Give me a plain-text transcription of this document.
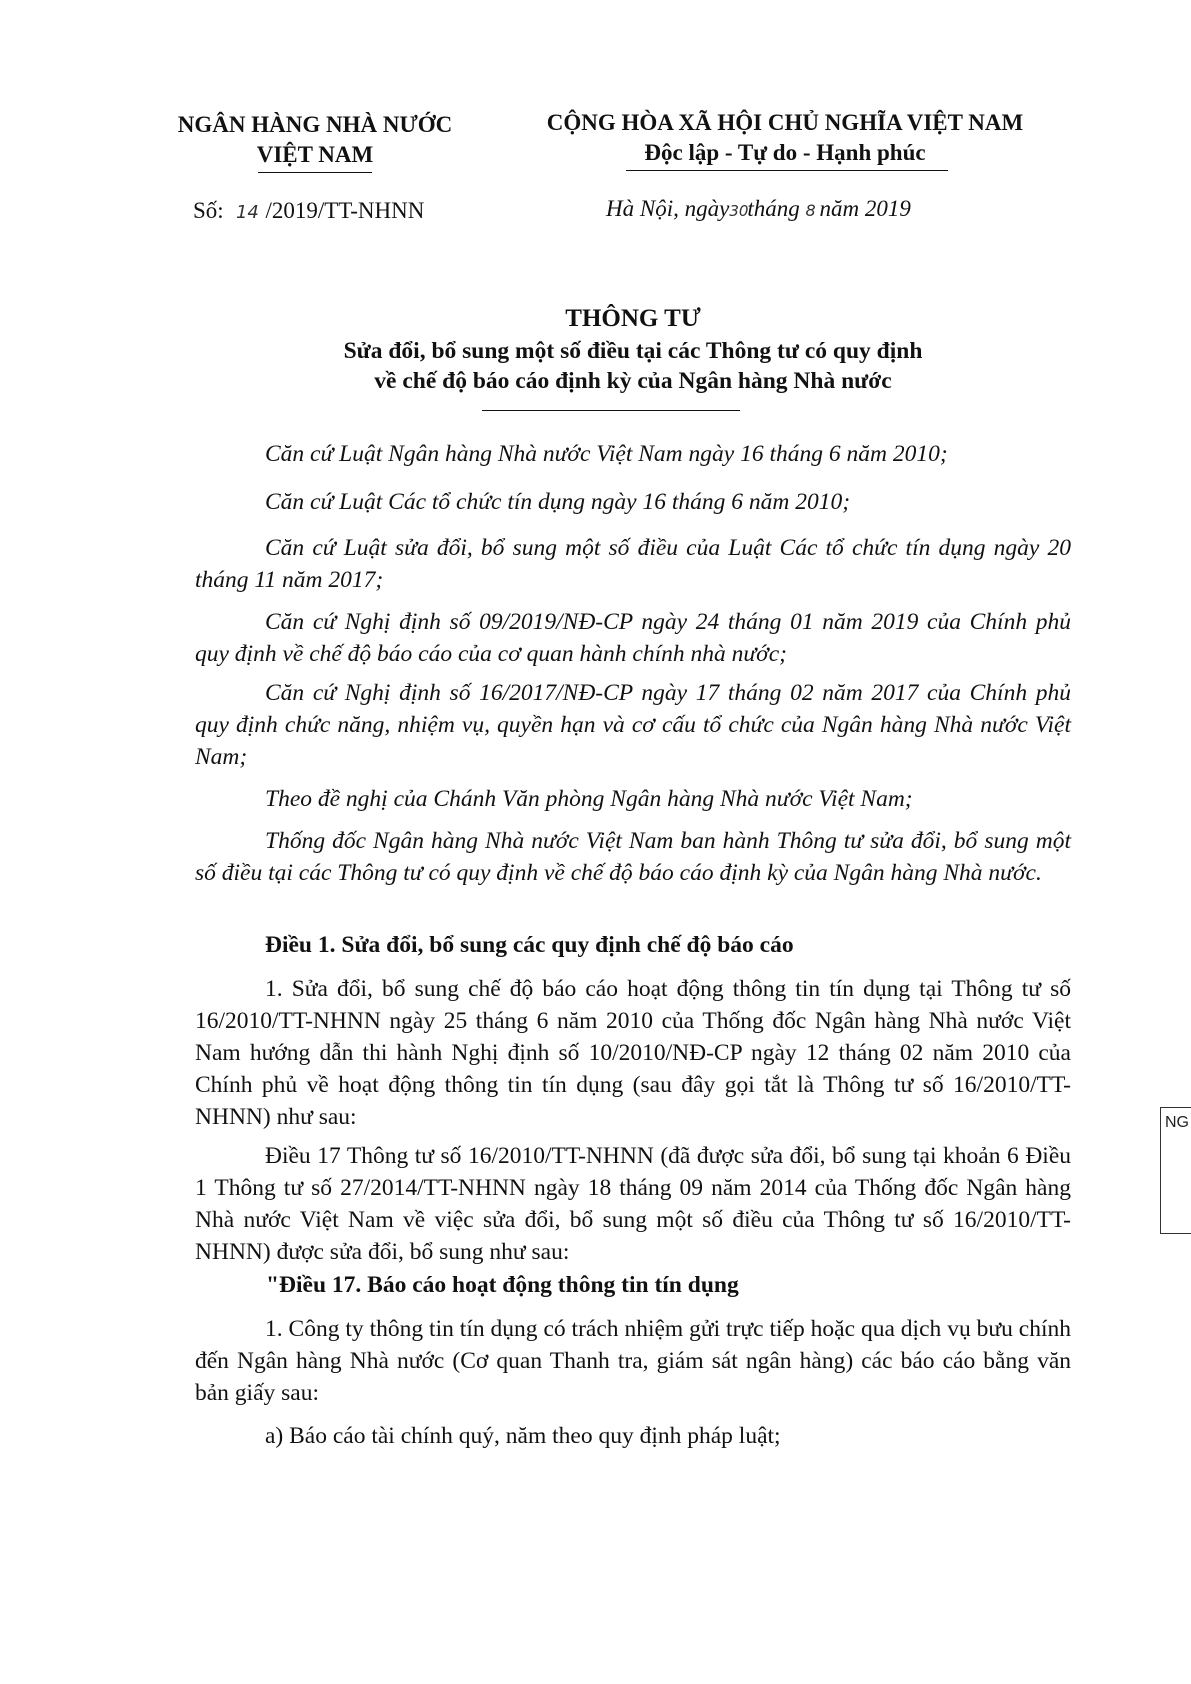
NGÂN HÀNG NHÀ NƯỚC
VIỆT NAM
CỘNG HÒA XÃ HỘI CHỦ NGHĨA VIỆT NAM
Độc lập - Tự do - Hạnh phúc
Số: 14 /2019/TT-NHNN	Hà Nội, ngày30tháng 8 năm 2019
THÔNG TƯ
Sửa đổi, bổ sung một số điều tại các Thông tư có quy định
về chế độ báo cáo định kỳ của Ngân hàng Nhà nước
Căn cứ Luật Ngân hàng Nhà nước Việt Nam ngày 16 tháng 6 năm 2010;
Căn cứ Luật Các tổ chức tín dụng ngày 16 tháng 6 năm 2010;
Căn cứ Luật sửa đổi, bổ sung một số điều của Luật Các tổ chức tín dụng ngày 20 tháng 11 năm 2017;
Căn cứ Nghị định số 09/2019/NĐ-CP ngày 24 tháng 01 năm 2019 của Chính phủ quy định về chế độ báo cáo của cơ quan hành chính nhà nước;
Căn cứ Nghị định số 16/2017/NĐ-CP ngày 17 tháng 02 năm 2017 của Chính phủ quy định chức năng, nhiệm vụ, quyền hạn và cơ cấu tổ chức của Ngân hàng Nhà nước Việt Nam;
Theo đề nghị của Chánh Văn phòng Ngân hàng Nhà nước Việt Nam;
Thống đốc Ngân hàng Nhà nước Việt Nam ban hành Thông tư sửa đổi, bổ sung một số điều tại các Thông tư có quy định về chế độ báo cáo định kỳ của Ngân hàng Nhà nước.
Điều 1. Sửa đổi, bổ sung các quy định chế độ báo cáo
1. Sửa đổi, bổ sung chế độ báo cáo hoạt động thông tin tín dụng tại Thông tư số 16/2010/TT-NHNN ngày 25 tháng 6 năm 2010 của Thống đốc Ngân hàng Nhà nước Việt Nam hướng dẫn thi hành Nghị định số 10/2010/NĐ-CP ngày 12 tháng 02 năm 2010 của Chính phủ về hoạt động thông tin tín dụng (sau đây gọi tắt là Thông tư số 16/2010/TT-NHNN) như sau:
Điều 17 Thông tư số 16/2010/TT-NHNN (đã được sửa đổi, bổ sung tại khoản 6 Điều 1 Thông tư số 27/2014/TT-NHNN ngày 18 tháng 09 năm 2014 của Thống đốc Ngân hàng Nhà nước Việt Nam về việc sửa đổi, bổ sung một số điều của Thông tư số 16/2010/TT-NHNN) được sửa đổi, bổ sung như sau:
"Điều 17. Báo cáo hoạt động thông tin tín dụng
1. Công ty thông tin tín dụng có trách nhiệm gửi trực tiếp hoặc qua dịch vụ bưu chính đến Ngân hàng Nhà nước (Cơ quan Thanh tra, giám sát ngân hàng) các báo cáo bằng văn bản giấy sau:
a) Báo cáo tài chính quý, năm theo quy định pháp luật;
NG
